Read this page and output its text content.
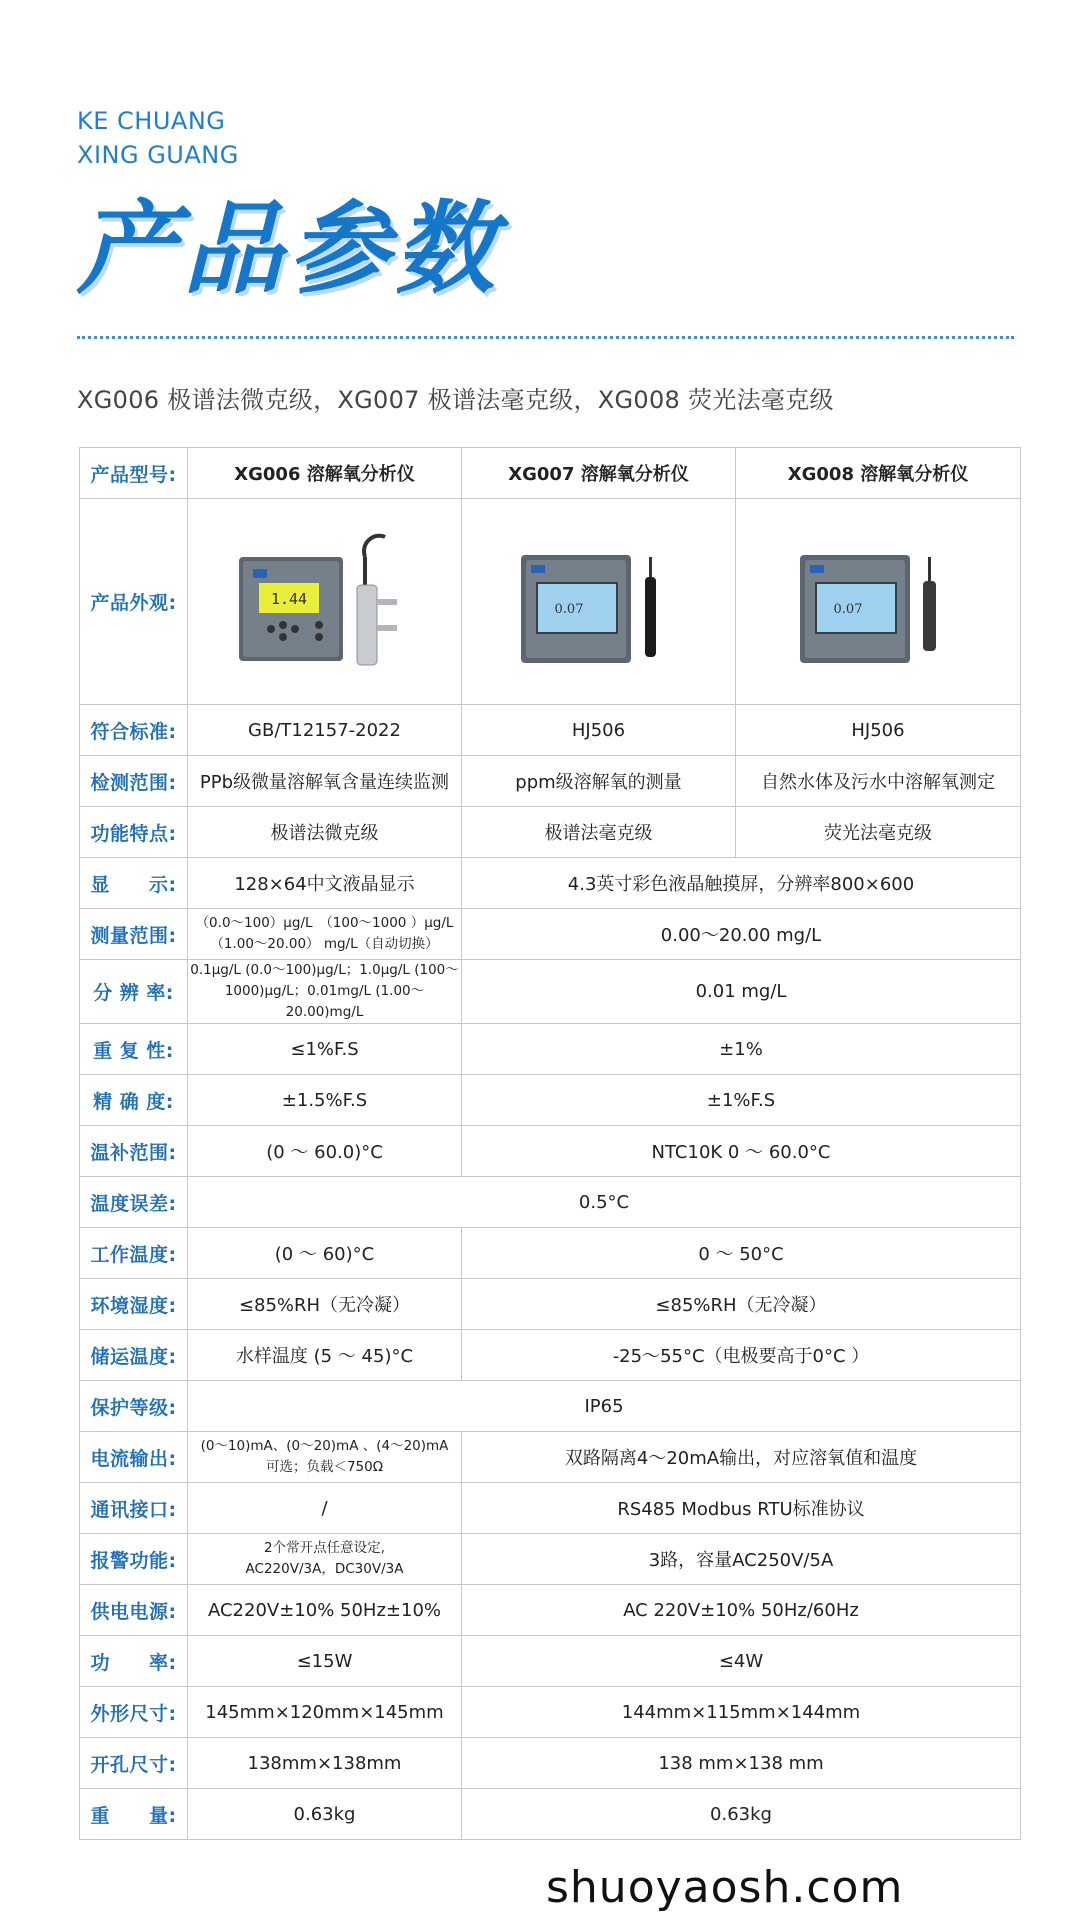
KE CHUANG
XING GUANG
产品参数
XG006 极谱法微克级，XG007 极谱法毫克级，XG008 荧光法毫克级
产品型号:	XG006 溶解氧分析仪	XG007 溶解氧分析仪	XG008 溶解氧分析仪
产品外观:	1.44	0.07	0.07

符合标准:	GB/T12157-2022	HJ506	HJ506
检测范围:	PPb级微量溶解氧含量连续监测	ppm级溶解氧的测量	自然水体及污水中溶解氧测定
功能特点:	极谱法微克级	极谱法毫克级	荧光法毫克级
显　　示:	128×64中文液晶显示	4.3英寸彩色液晶触摸屏，分辨率800×600	
测量范围:	（0.0～100）μg/L　（100～1000 ）μg/L
（1.00～20.00） mg/L（自动切换）	0.00～20.00 mg/L	
分 辨 率:	0.1μg/L (0.0～100)μg/L；1.0μg/L (100～
1000)μg/L；0.01mg/L (1.00～20.00)mg/L	0.01 mg/L	
重 复 性:	≤1%F.S	±1%	
精 确 度:	±1.5%F.S	±1%F.S	
温补范围:	(0 ～ 60.0)°C	NTC10K 0 ～ 60.0°C	
温度误差:	0.5°C		
工作温度:	(0 ～ 60)°C	0 ～ 50°C	
环境湿度:	≤85%RH（无冷凝）	≤85%RH（无冷凝）	
储运温度:	水样温度 (5 ～ 45)°C	-25～55°C（电极要高于0°C ）	
保护等级:	IP65		
电流输出:	(0～10)mA、(0～20)mA 、(4～20)mA
可选；负载＜750Ω	双路隔离4～20mA输出，对应溶氧值和温度	
通讯接口:	/	RS485 Modbus RTU标准协议	
报警功能:	2个常开点任意设定,
AC220V/3A，DC30V/3A	3路，容量AC250V/5A	
供电电源:	AC220V±10% 50Hz±10%	AC 220V±10% 50Hz/60Hz	
功　　率:	≤15W	≤4W	
外形尺寸:	145mm×120mm×145mm	144mm×115mm×144mm	
开孔尺寸:	138mm×138mm	138 mm×138 mm	
重　　量:	0.63kg	0.63kg	
shuoyaosh.com
